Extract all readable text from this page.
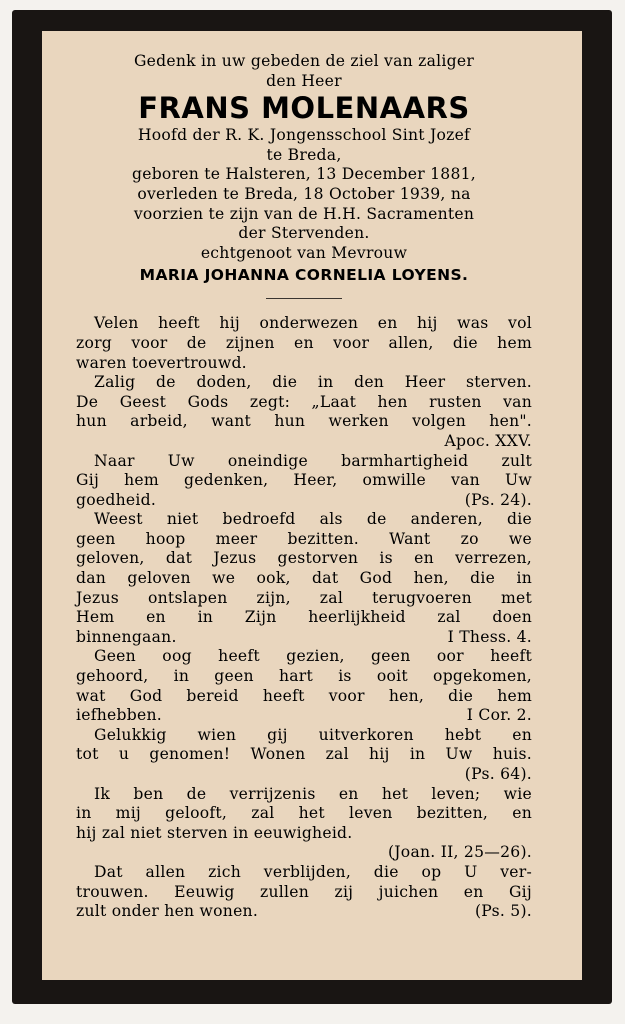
Gedenk in uw gebeden de ziel van zaliger
den Heer
FRANS MOLENAARS
Hoofd der R. K. Jongensschool Sint Jozef
te Breda,
geboren te Halsteren, 13 December 1881,
overleden te Breda, 18 October 1939, na
voorzien te zijn van de H.H. Sacramenten
der Stervenden.
echtgenoot van Mevrouw
MARIA JOHANNA CORNELIA LOYENS.
Velen heeft hij onderwezen en hij was vol
zorg voor de zijnen en voor allen, die hem
waren toevertrouwd.
Zalig de doden, die in den Heer sterven.
De Geest Gods zegt: „Laat hen rusten van
hun arbeid, want hun werken volgen hen".
Apoc. XXV.
Naar Uw oneindige barmhartigheid zult
Gij hem gedenken, Heer, omwille van Uw
goedheid.	(Ps. 24).
Weest niet bedroefd als de anderen, die
geen hoop meer bezitten. Want zo we
geloven, dat Jezus gestorven is en verrezen,
dan geloven we ook, dat God hen, die in
Jezus ontslapen zijn, zal terugvoeren met
Hem en in Zijn heerlijkheid zal doen
binnengaan.	I Thess. 4.
Geen oog heeft gezien, geen oor heeft
gehoord, in geen hart is ooit opgekomen,
wat God bereid heeft voor hen, die hem
iefhebben.	I Cor. 2.
Gelukkig wien gij uitverkoren hebt en
tot u genomen! Wonen zal hij in Uw huis.
(Ps. 64).
Ik ben de verrijzenis en het leven; wie
in mij gelooft, zal het leven bezitten, en
hij zal niet sterven in eeuwigheid.
(Joan. II, 25—26).
Dat allen zich verblijden, die op U ver-
trouwen. Eeuwig zullen zij juichen en Gij
zult onder hen wonen.	(Ps. 5).
